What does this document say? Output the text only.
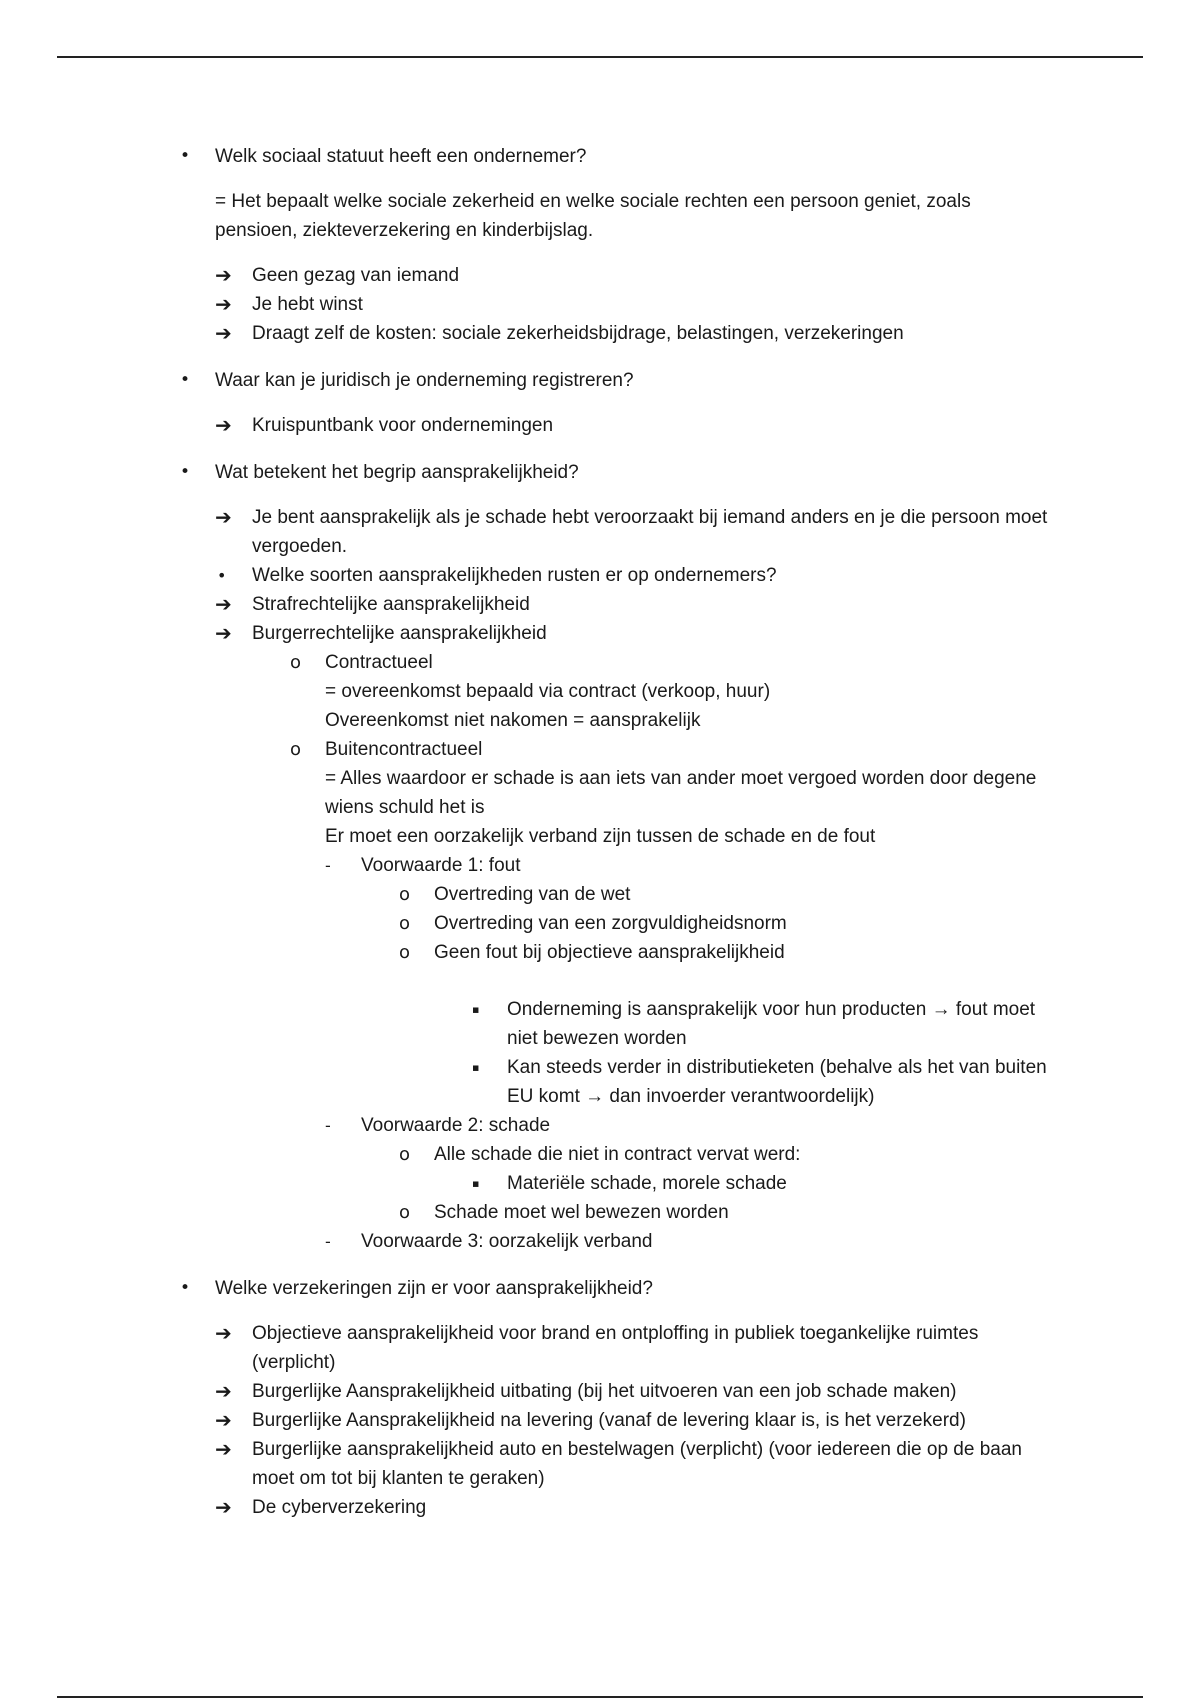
•	Welk sociaal statuut heeft een ondernemer?
= Het bepaalt welke sociale zekerheid en welke sociale rechten een persoon geniet, zoals pensioen, ziekteverzekering en kinderbijslag.
➔	Geen gezag van iemand
➔	Je hebt winst
➔	Draagt zelf de kosten: sociale zekerheidsbijdrage, belastingen, verzekeringen
•	Waar kan je juridisch je onderneming registreren?
➔	Kruispuntbank voor ondernemingen
•	Wat betekent het begrip aansprakelijkheid?
➔	Je bent aansprakelijk als je schade hebt veroorzaakt bij iemand anders en je die persoon moet vergoeden.
•	Welke soorten aansprakelijkheden rusten er op ondernemers?
➔	Strafrechtelijke aansprakelijkheid
➔	Burgerrechtelijke aansprakelijkheid
o	Contractueel
= overeenkomst bepaald via contract (verkoop, huur)
Overeenkomst niet nakomen = aansprakelijk
o	Buitencontractueel
= Alles waardoor er schade is aan iets van ander moet vergoed worden door degene wiens schuld het is
Er moet een oorzakelijk verband zijn tussen de schade en de fout
-	Voorwaarde 1: fout
o	Overtreding van de wet
o	Overtreding van een zorgvuldigheidsnorm
o	Geen fout bij objectieve aansprakelijkheid
▪	Onderneming is aansprakelijk voor hun producten → fout moet niet bewezen worden
▪	Kan steeds verder in distributieketen (behalve als het van buiten EU komt → dan invoerder verantwoordelijk)
-	Voorwaarde 2: schade
o	Alle schade die niet in contract vervat werd:
▪	Materiële schade, morele schade
o	Schade moet wel bewezen worden
-	Voorwaarde 3: oorzakelijk verband
•	Welke verzekeringen zijn er voor aansprakelijkheid?
➔	Objectieve aansprakelijkheid voor brand en ontploffing in publiek toegankelijke ruimtes (verplicht)
➔	Burgerlijke Aansprakelijkheid uitbating (bij het uitvoeren van een job schade maken)
➔	Burgerlijke Aansprakelijkheid na levering (vanaf de levering klaar is, is het verzekerd)
➔	Burgerlijke aansprakelijkheid auto en bestelwagen (verplicht) (voor iedereen die op de baan moet om tot bij klanten te geraken)
➔	De cyberverzekering
